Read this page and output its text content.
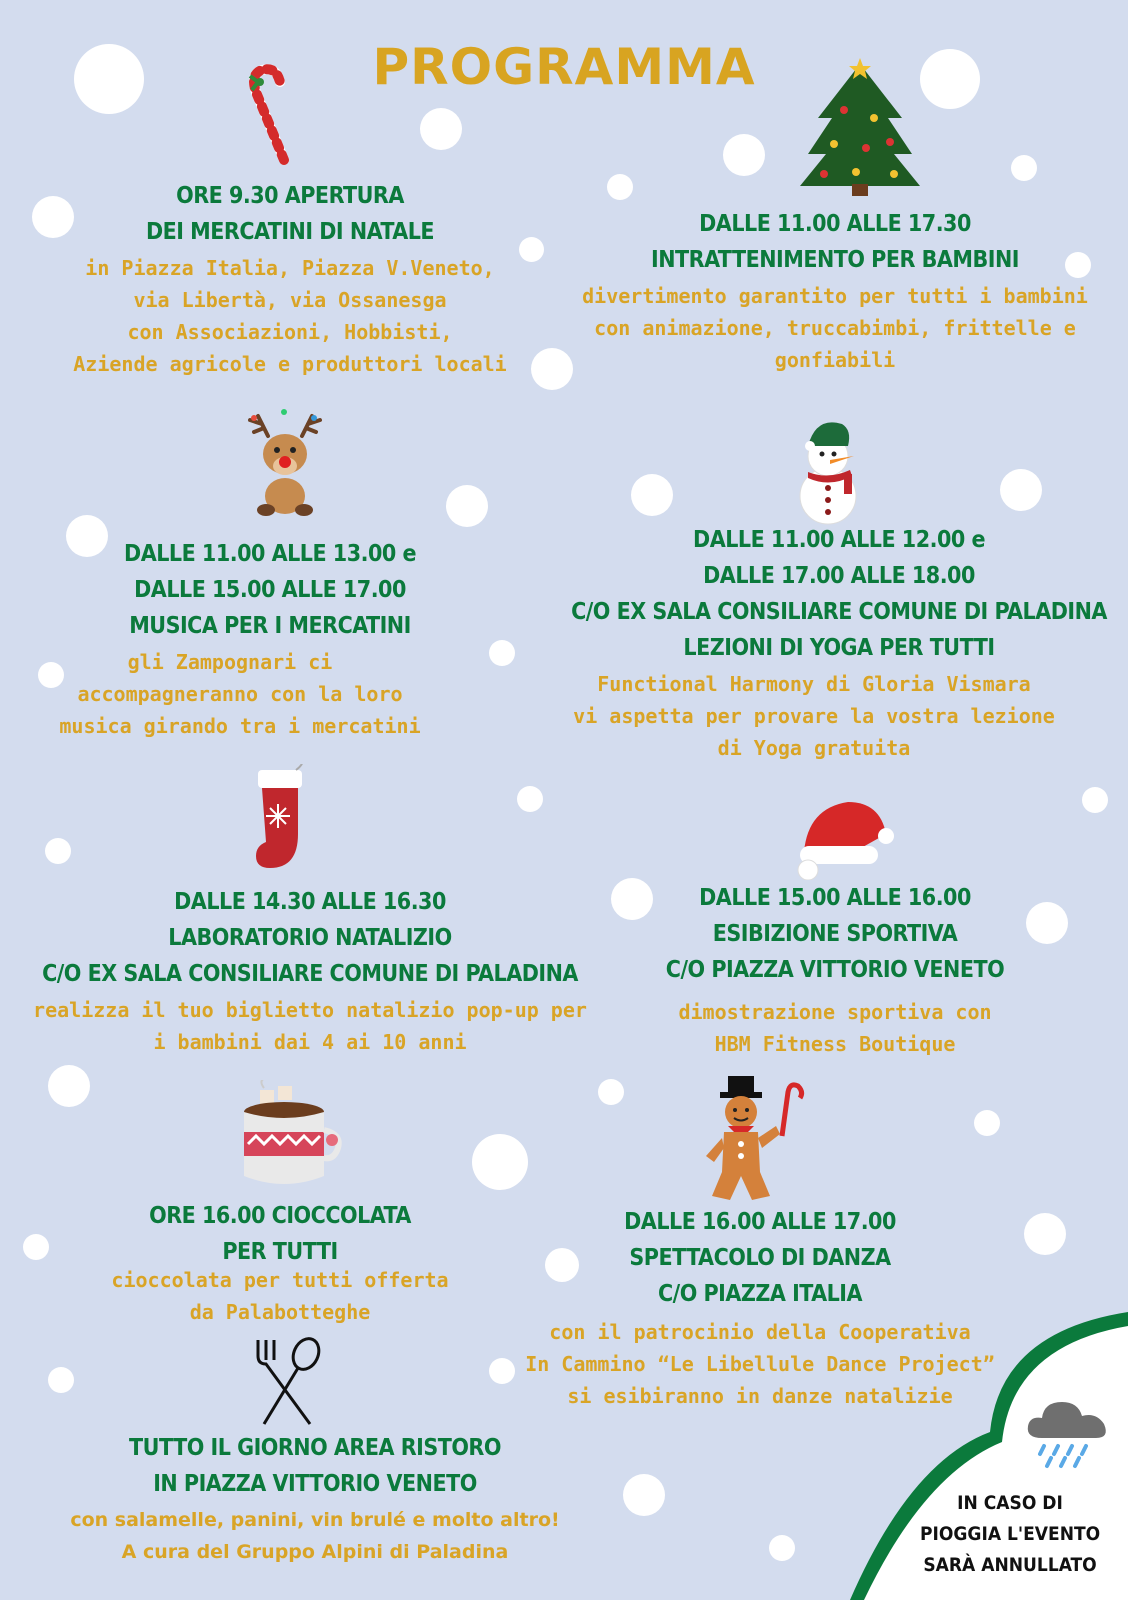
PROGRAMMA
ORE 9.30 APERTURA
DEI MERCATINI DI NATALE
in Piazza Italia, Piazza V.Veneto,
via Libertà, via Ossanesga
con Associazioni, Hobbisti,
Aziende agricole e produttori locali
DALLE 11.00 ALLE 17.30
INTRATTENIMENTO PER BAMBINI
divertimento garantito per tutti i bambini
con animazione, truccabimbi, frittelle e
gonfiabili
DALLE 11.00 ALLE 13.00 e
DALLE 15.00 ALLE 17.00
MUSICA PER I MERCATINI
gli Zampognari ci
accompagneranno con la loro
musica girando tra i mercatini
DALLE 11.00 ALLE 12.00 e
DALLE 17.00 ALLE 18.00
C/O EX SALA CONSILIARE COMUNE DI PALADINA
LEZIONI DI YOGA PER TUTTI
Functional Harmony di Gloria Vismara
vi aspetta per provare la vostra lezione
di Yoga gratuita
DALLE 14.30 ALLE 16.30
LABORATORIO NATALIZIO
C/O EX SALA CONSILIARE COMUNE DI PALADINA
realizza il tuo biglietto natalizio pop-up per
i bambini dai 4 ai 10 anni
DALLE 15.00 ALLE 16.00
ESIBIZIONE SPORTIVA
C/O PIAZZA VITTORIO VENETO
dimostrazione sportiva con
HBM Fitness Boutique
ORE 16.00 CIOCCOLATA
PER TUTTI
cioccolata per tutti offerta
da Palabotteghe
DALLE 16.00 ALLE 17.00
SPETTACOLO DI DANZA
C/O PIAZZA ITALIA
con il patrocinio della Cooperativa
In Cammino “Le Libellule Dance Project”
si esibiranno in danze natalizie
TUTTO IL GIORNO AREA RISTORO
IN PIAZZA VITTORIO VENETO
con salamelle, panini, vin brulé e molto altro!
A cura del Gruppo Alpini di Paladina
IN CASO DI
PIOGGIA L'EVENTO
SARÀ ANNULLATO
